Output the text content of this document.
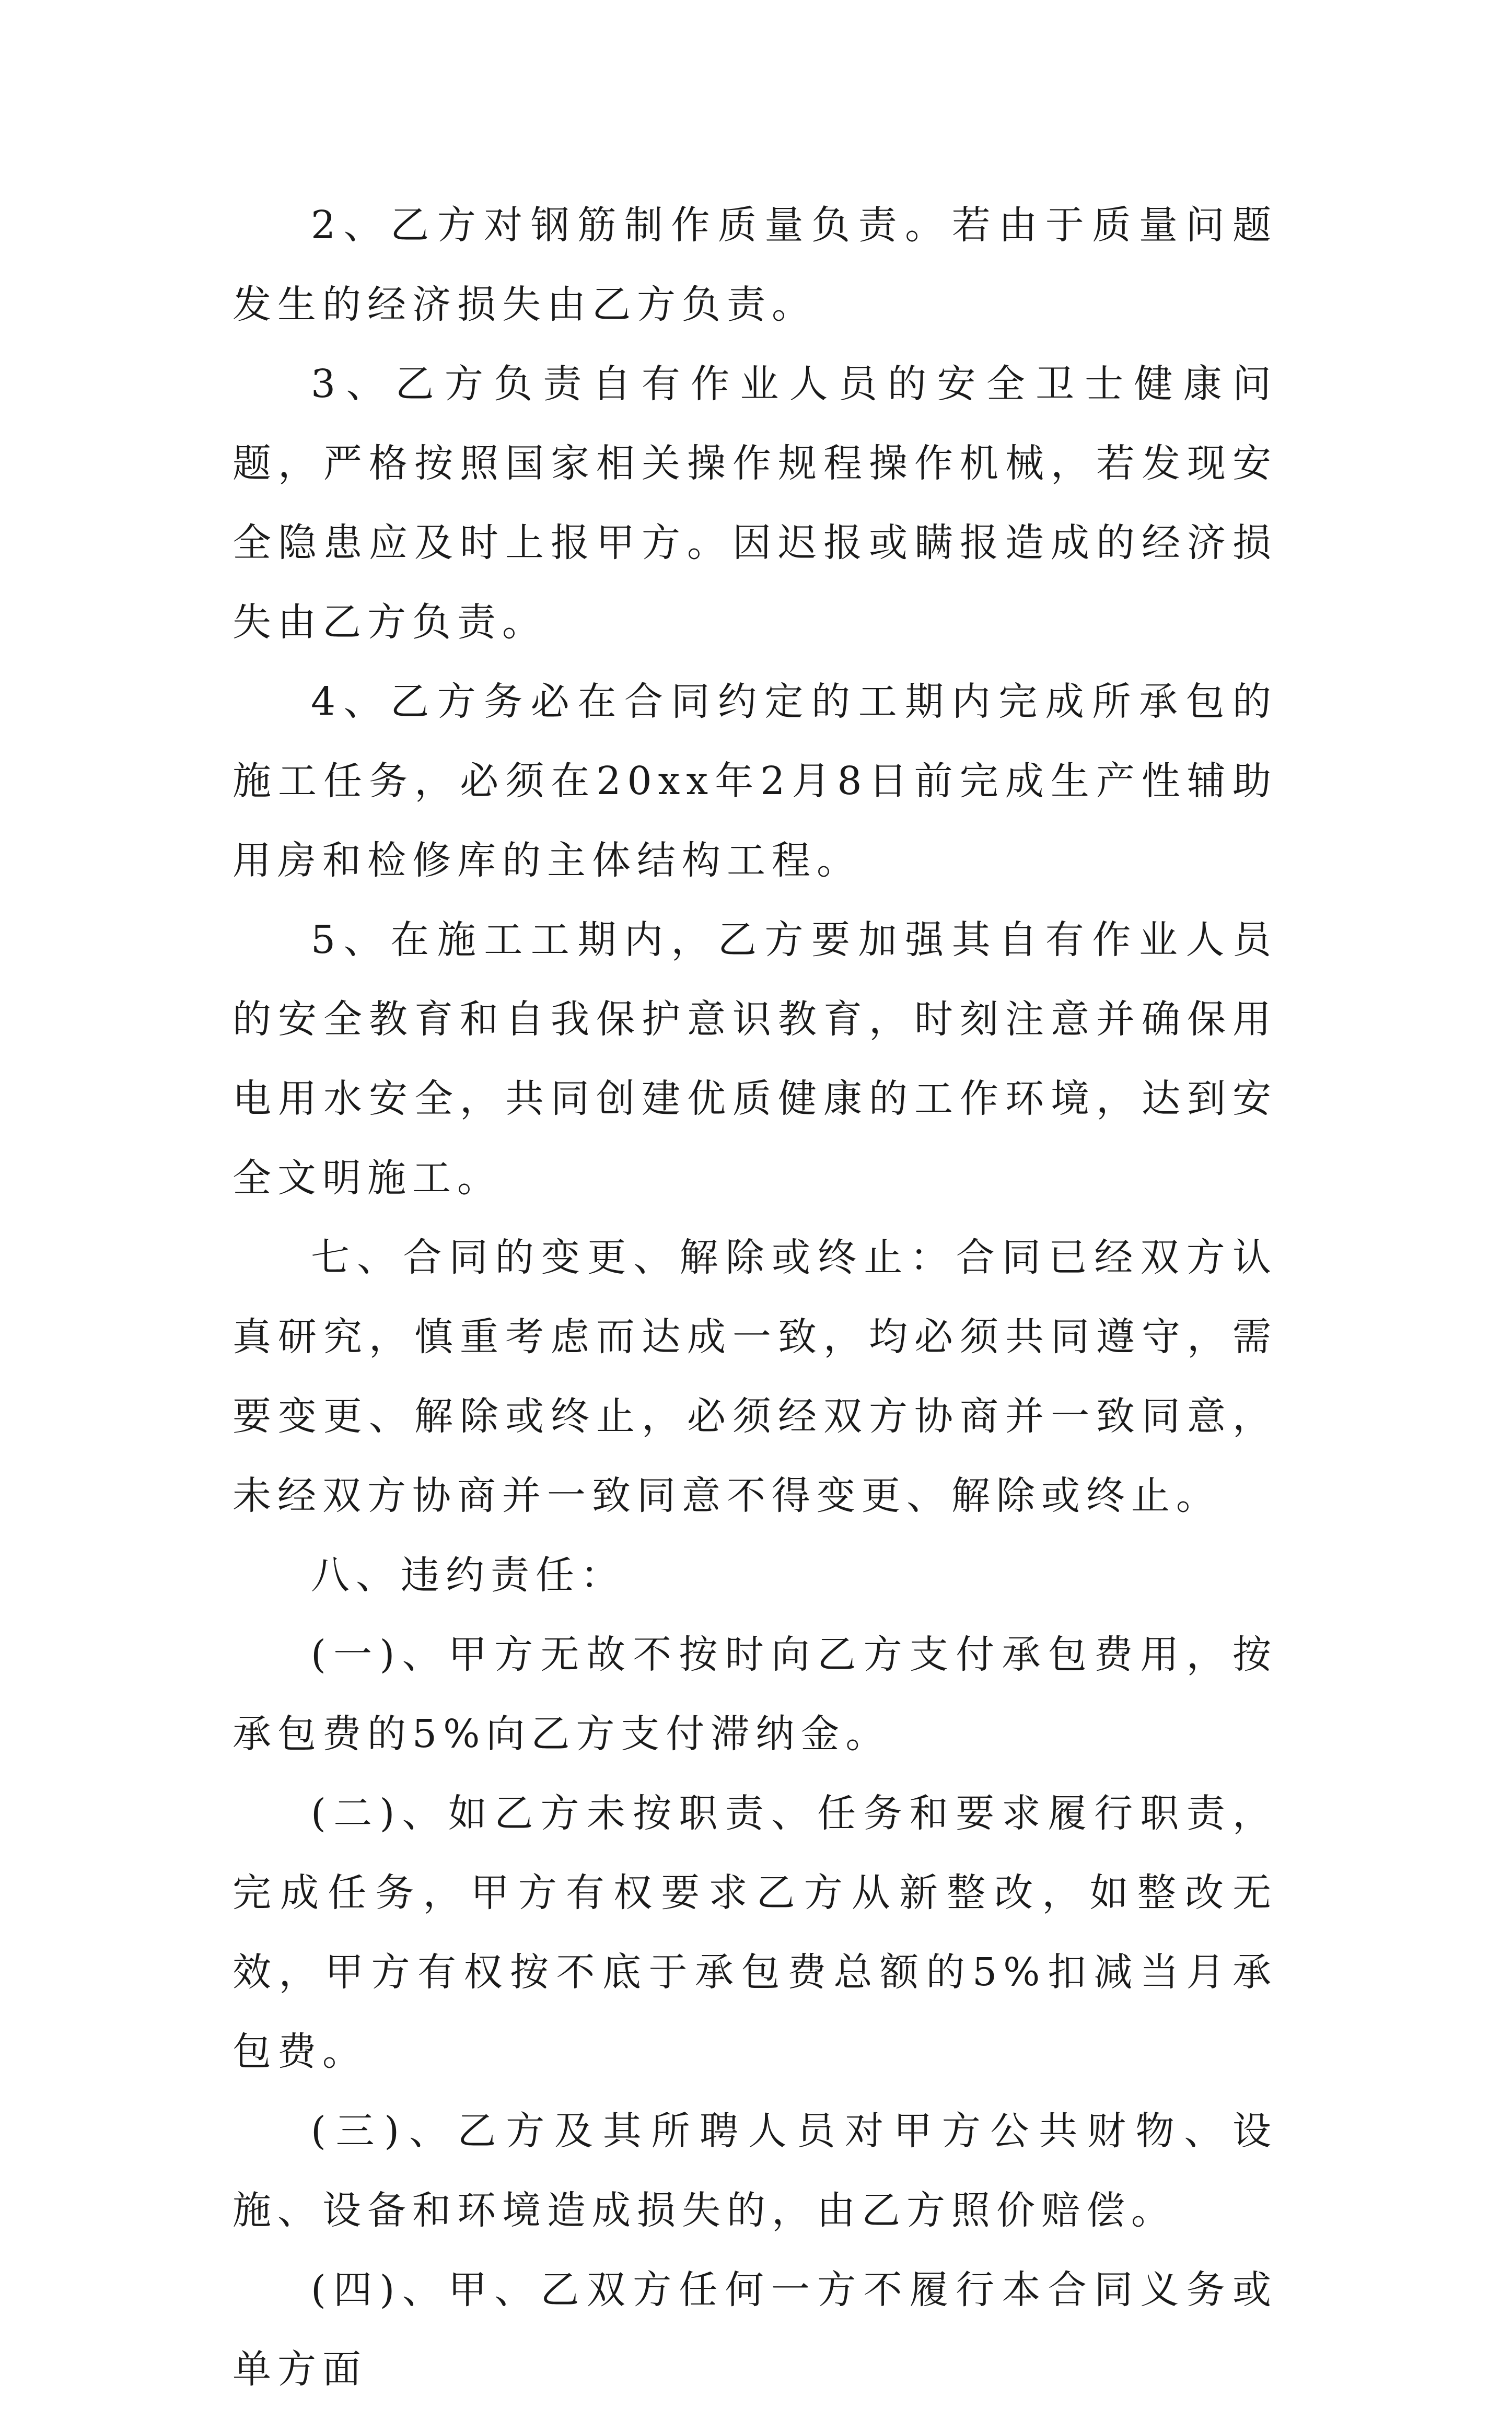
2、乙方对钢筋制作质量负责。若由于质量问题发生的经济损失由乙方负责。

3、乙方负责自有作业人员的安全卫士健康问题，严格按照国家相关操作规程操作机械，若发现安全隐患应及时上报甲方。因迟报或瞒报造成的经济损失由乙方负责。

4、乙方务必在合同约定的工期内完成所承包的施工任务，必须在20xx年2月8日前完成生产性辅助用房和检修库的主体结构工程。

5、在施工工期内，乙方要加强其自有作业人员的安全教育和自我保护意识教育，时刻注意并确保用电用水安全，共同创建优质健康的工作环境，达到安全文明施工。

七、合同的变更、解除或终止：合同已经双方认真研究，慎重考虑而达成一致，均必须共同遵守，需要变更、解除或终止，必须经双方协商并一致同意，未经双方协商并一致同意不得变更、解除或终止。

八、违约责任：

(一)、甲方无故不按时向乙方支付承包费用，按承包费的5%向乙方支付滞纳金。

(二)、如乙方未按职责、任务和要求履行职责，完成任务，甲方有权要求乙方从新整改，如整改无效，甲方有权按不底于承包费总额的5%扣减当月承包费。

(三)、乙方及其所聘人员对甲方公共财物、设施、设备和环境造成损失的，由乙方照价赔偿。

(四)、甲、乙双方任何一方不履行本合同义务或单方面
